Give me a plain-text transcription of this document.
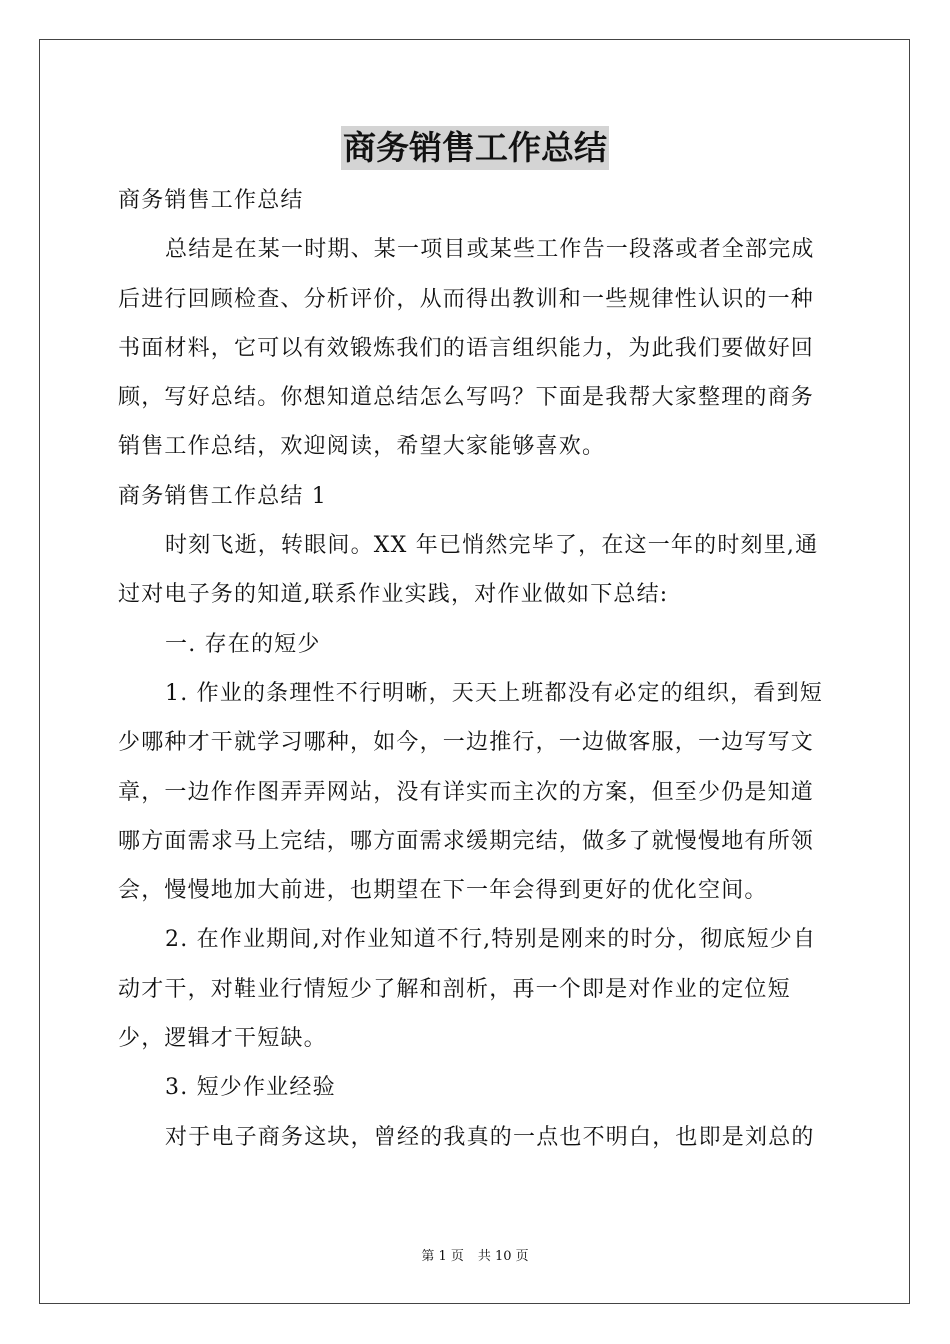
商务销售工作总结

商务销售工作总结

总结是在某一时期、某一项目或某些工作告一段落或者全部完成后进行回顾检查、分析评价，从而得出教训和一些规律性认识的一种书面材料，它可以有效锻炼我们的语言组织能力，为此我们要做好回顾，写好总结。你想知道总结怎么写吗？下面是我帮大家整理的商务销售工作总结，欢迎阅读，希望大家能够喜欢。

商务销售工作总结 1

时刻飞逝，转眼间。XX 年已悄然完毕了，在这一年的时刻里,通过对电子务的知道,联系作业实践，对作业做如下总结:

一. 存在的短少

1. 作业的条理性不行明晰，天天上班都没有必定的组织，看到短少哪种才干就学习哪种，如今，一边推行，一边做客服，一边写写文章，一边作作图弄弄网站，没有详实而主次的方案，但至少仍是知道哪方面需求马上完结，哪方面需求缓期完结，做多了就慢慢地有所领会，慢慢地加大前进，也期望在下一年会得到更好的优化空间。

2. 在作业期间,对作业知道不行,特别是刚来的时分，彻底短少自动才干，对鞋业行情短少了解和剖析，再一个即是对作业的定位短少，逻辑才干短缺。

3. 短少作业经验

对于电子商务这块，曾经的我真的一点也不明白，也即是刘总的

第 1 页 共 10 页
